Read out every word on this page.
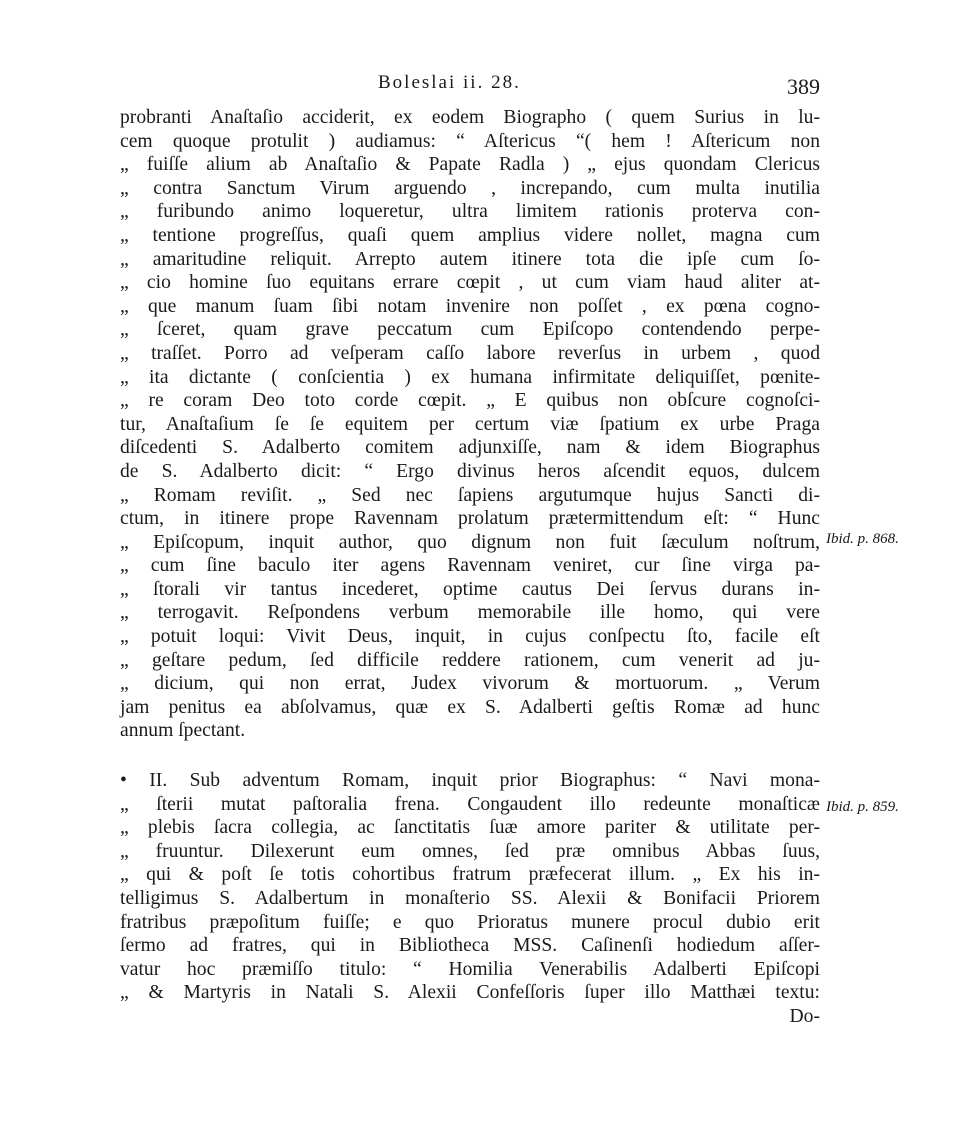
Boleslai ii. 28.	389
probranti Anaſtaſio acciderit, ex eodem Biographo ( quem Surius in lu-
cem quoque protulit ) audiamus: “ Aſtericus “( hem ! Aſtericum non
„ fuiſſe alium ab Anaſtaſio & Papate Radla ) „ ejus quondam Clericus
„ contra Sanctum Virum arguendo , increpando, cum multa inutilia
„ furibundo animo loqueretur, ultra limitem rationis proterva con-
„ tentione progreſſus, quaſi quem amplius videre nollet, magna cum
„ amaritudine reliquit. Arrepto autem itinere tota die ipſe cum ſo-
„ cio homine ſuo equitans errare cœpit , ut cum viam haud aliter at-
„ que manum ſuam ſibi notam invenire non poſſet , ex pœna cogno-
„ ſceret, quam grave peccatum cum Epiſcopo contendendo perpe-
„ traſſet. Porro ad veſperam caſſo labore reverſus in urbem , quod
„ ita dictante ( conſcientia ) ex humana infirmitate deliquiſſet, pœnite-
„ re coram Deo toto corde cœpit. „ E quibus non obſcure cognoſci-
tur, Anaſtaſium ſe ſe equitem per certum viæ ſpatium ex urbe Praga
diſcedenti S. Adalberto comitem adjunxiſſe, nam & idem Biographus
de S. Adalberto dicit: “ Ergo divinus heros aſcendit equos, dulcem
„ Romam reviſit. „ Sed nec ſapiens argutumque hujus Sancti di-
ctum, in itinere prope Ravennam prolatum prætermittendum eſt: “ Hunc
„ Epiſcopum, inquit author, quo dignum non fuit ſæculum noſtrum,
„ cum ſine baculo iter agens Ravennam veniret, cur ſine virga pa-
„ ſtorali vir tantus incederet, optime cautus Dei ſervus durans in-
„ terrogavit. Reſpondens verbum memorabile ille homo, qui vere
„ potuit loqui: Vivit Deus, inquit, in cujus conſpectu ſto, facile eſt
„ geſtare pedum, ſed difficile reddere rationem, cum venerit ad ju-
„ dicium, qui non errat, Judex vivorum & mortuorum. „ Verum
jam penitus ea abſolvamus, quæ ex S. Adalberti geſtis Romæ ad hunc
annum ſpectant.
• II. Sub adventum Romam, inquit prior Biographus: “ Navi mona-
„ ſterii mutat paſtoralia frena. Congaudent illo redeunte monaſticæ
„ plebis ſacra collegia, ac ſanctitatis ſuæ amore pariter & utilitate per-
„ fruuntur. Dilexerunt eum omnes, ſed præ omnibus Abbas ſuus,
„ qui & poſt ſe totis cohortibus fratrum præfecerat illum. „ Ex his in-
telligimus S. Adalbertum in monaſterio SS. Alexii & Bonifacii Priorem
fratribus præpoſitum fuiſſe; e quo Prioratus munere procul dubio erit
ſermo ad fratres, qui in Bibliotheca MSS. Caſinenſi hodiedum aſſer-
vatur hoc præmiſſo titulo: “ Homilia Venerabilis Adalberti Epiſcopi
„ & Martyris in Natali S. Alexii Confeſſoris ſuper illo Matthæi textu:
Do-
Ibid. p. 868.
Ibid. p. 859.
